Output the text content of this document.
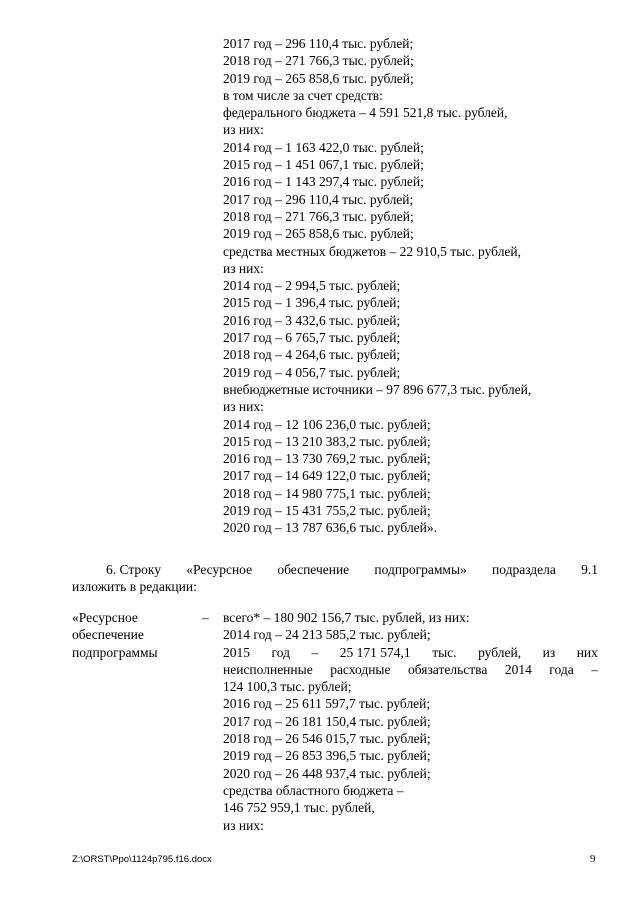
2017 год – 296 110,4 тыс. рублей;
2018 год – 271 766,3 тыс. рублей;
2019 год – 265 858,6 тыс. рублей;
в том числе за счет средств:
федерального бюджета – 4 591 521,8 тыс. рублей,
из них:
2014 год – 1 163 422,0 тыс. рублей;
2015 год – 1 451 067,1 тыс. рублей;
2016 год – 1 143 297,4 тыс. рублей;
2017 год – 296 110,4 тыс. рублей;
2018 год – 271 766,3 тыс. рублей;
2019 год – 265 858,6 тыс. рублей;
средства местных бюджетов – 22 910,5 тыс. рублей,
из них:
2014 год – 2 994,5 тыс. рублей;
2015 год – 1 396,4 тыс. рублей;
2016 год – 3 432,6 тыс. рублей;
2017 год – 6 765,7 тыс. рублей;
2018 год – 4 264,6 тыс. рублей;
2019 год – 4 056,7 тыс. рублей;
внебюджетные источники – 97 896 677,3 тыс. рублей,
из них:
2014 год – 12 106 236,0 тыс. рублей;
2015 год – 13 210 383,2 тыс. рублей;
2016 год – 13 730 769,2 тыс. рублей;
2017 год – 14 649 122,0 тыс. рублей;
2018 год – 14 980 775,1 тыс. рублей;
2019 год – 15 431 755,2 тыс. рублей;
2020 год – 13 787 636,6 тыс. рублей».
6. Строку «Ресурсное обеспечение подпрограммы» подраздела 9.1
изложить в редакции:
«Ресурсное
обеспечение
подпрограммы
– всего* – 180 902 156,7 тыс. рублей, из них:
2014 год – 24 213 585,2 тыс. рублей;
2015 год – 25 171 574,1 тыс. рублей, из них
неисполненные расходные обязательства 2014 года –
124 100,3 тыс. рублей;
2016 год – 25 611 597,7 тыс. рублей;
2017 год – 26 181 150,4 тыс. рублей;
2018 год – 26 546 015,7 тыс. рублей;
2019 год – 26 853 396,5 тыс. рублей;
2020 год – 26 448 937,4 тыс. рублей;
средства областного бюджета –
146 752 959,1 тыс. рублей,
из них:
Z:\ORST\Ppo\1124p795.f16.docx	9
